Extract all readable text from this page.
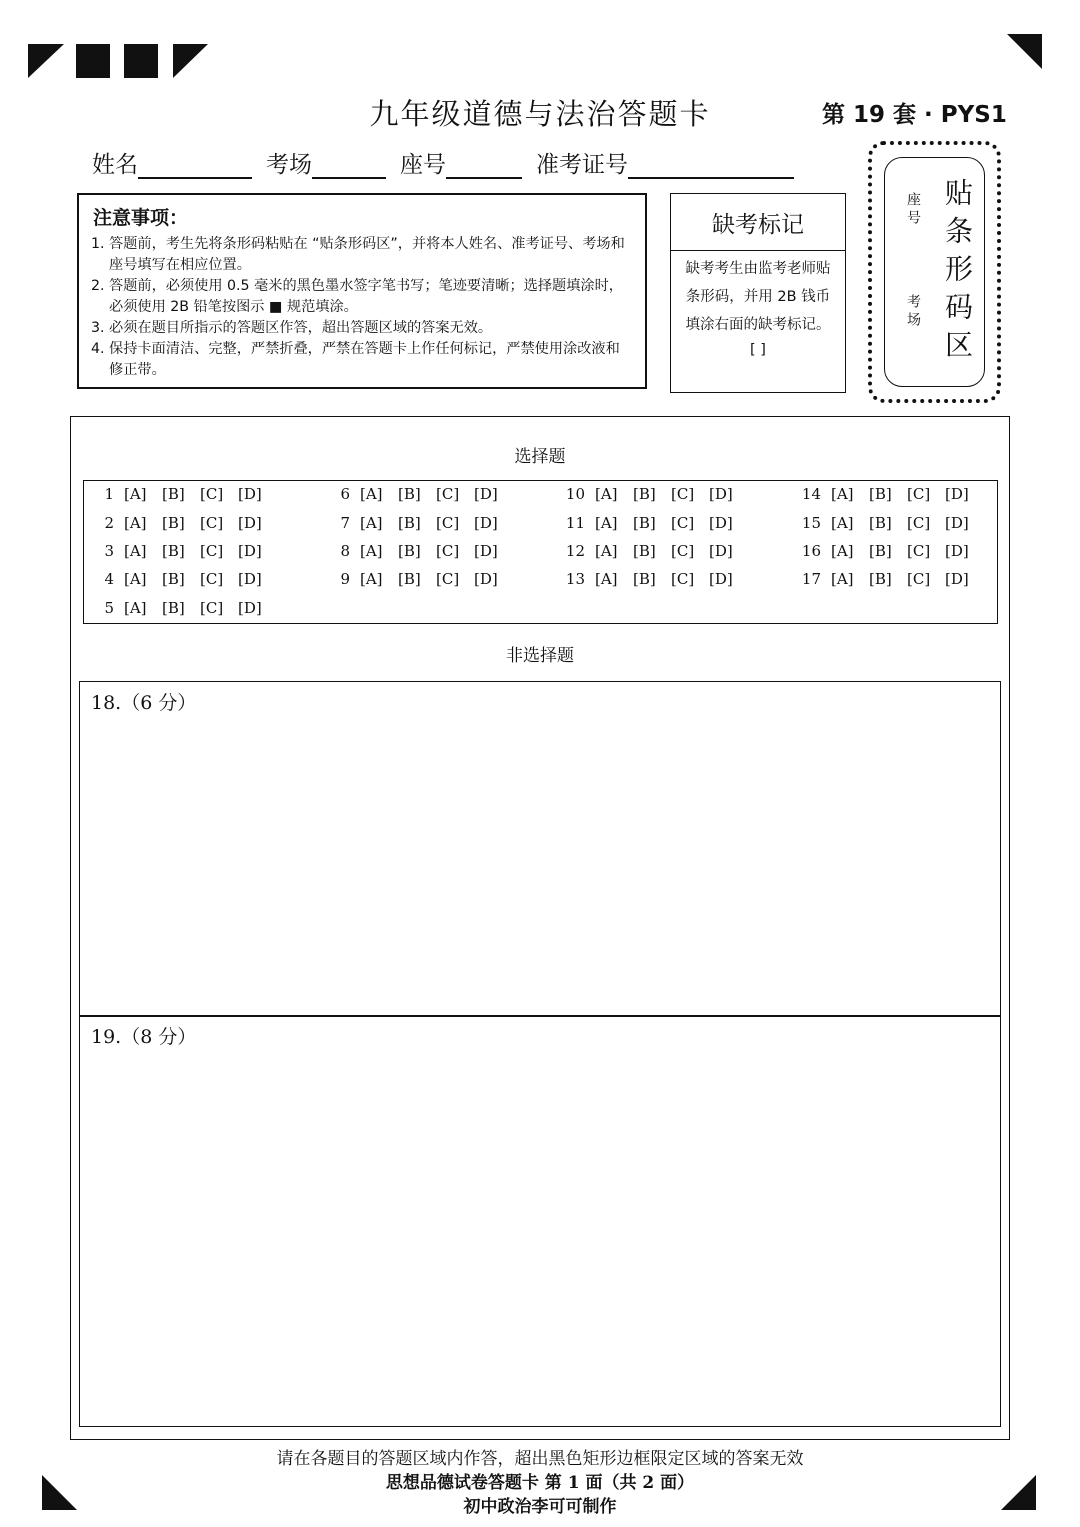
九年级道德与法治答题卡	第 19 套 · PYS1
姓名	考场	座号	准考证号
注意事项：
1. 答题前，考生先将条形码粘贴在 “贴条形码区”，并将本人姓名、准考证号、考场和座号填写在相应位置。
2. 答题前，必须使用 0.5 毫米的黑色墨水签字笔书写；笔迹要清晰；选择题填涂时，必须使用 2B 铅笔按图示 ■ 规范填涂。
3. 必须在题目所指示的答题区作答，超出答题区域的答案无效。
4. 保持卡面清洁、完整，严禁折叠，严禁在答题卡上作任何标记，严禁使用涂改液和修正带。
缺考标记
缺考考生由监考老师贴条形码，并用 2B 钱币填涂右面的缺考标记。
[ ]	贴条形码区
座号
考场
选择题
1 [A] [B] [C] [D]
2 [A] [B] [C] [D]
3 [A] [B] [C] [D]
4 [A] [B] [C] [D]
5 [A] [B] [C] [D]
6 [A] [B] [C] [D]
7 [A] [B] [C] [D]
8 [A] [B] [C] [D]
9 [A] [B] [C] [D]
10 [A] [B] [C] [D]
11 [A] [B] [C] [D]
12 [A] [B] [C] [D]
13 [A] [B] [C] [D]
14 [A] [B] [C] [D]
15 [A] [B] [C] [D]
16 [A] [B] [C] [D]
17 [A] [B] [C] [D]
非选择题
18.（6 分）
19.（8 分）
请在各题目的答题区域内作答，超出黑色矩形边框限定区域的答案无效
思想品德试卷答题卡 第 1 面（共 2 面）
初中政治李可可制作
